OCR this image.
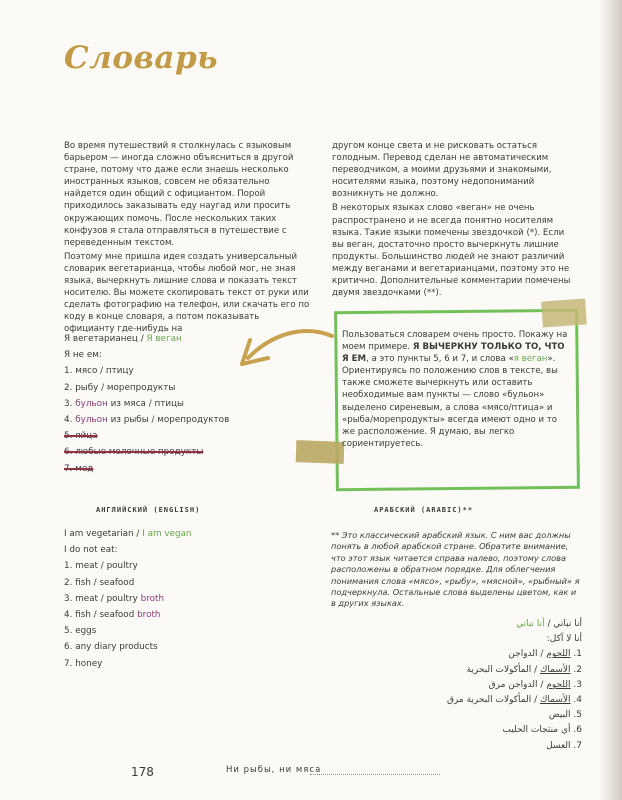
Словарь

Во время путешествий я столкнулась с языковым барьером — иногда сложно объясниться в другой стране, потому что даже если знаешь несколько иностранных языков, совсем не обязательно найдется один общий с официантом. Порой приходилось заказывать еду наугад или просить окружающих помочь. После нескольких таких конфузов я стала отправляться в путешествие с переведенным текстом.

Поэтому мне пришла идея создать универсальный словарик вегетарианца, чтобы любой мог, не зная языка, вычеркнуть лишние слова и показать текст носителю. Вы можете скопировать текст от руки или сделать фотографию на телефон, или скачать его по коду в конце словаря, а потом показывать официанту где-нибудь на

другом конце света и не рисковать остаться голодным. Перевод сделан не автоматическим переводчиком, а моими друзьями и знакомыми, носителями языка, поэтому недопониманий возникнуть не должно.

В некоторых языках слово «веган» не очень распространено и не всегда понятно носителям языка. Такие языки помечены звездочкой (*). Если вы веган, достаточно просто вычеркнуть лишние продукты. Большинство людей не знают различий между веганами и вегетарианцами, поэтому это не критично. Дополнительные комментарии помечены двумя звездочками (**).

Пользоваться словарем очень просто. Покажу на моем примере. Я ВЫЧЕРКНУ ТОЛЬКО ТО, ЧТО Я ЕМ, а это пункты 5, 6 и 7, и слова «я веган». Ориентируясь по положению слов в тексте, вы также сможете вычеркнуть или оставить необходимые вам пункты — слово «бульон» выделено сиреневым, а слова «мясо/птица» и «рыба/морепродукты» всегда имеют одно и то же расположение. Я думаю, вы легко сориентируетесь.
Я вегетарианец / Я веган
Я не ем:
1. мясо / птицу
2. рыбу / морепродукты
3. бульон из мяса / птицы
4. бульон из рыбы / морепродуктов
5. яйца
6. любые молочные продукты
7. мед
АНГЛИЙСКИЙ (ENGLISH)
I am vegetarian / I am vegan
I do not eat:
1. meat / poultry
2. fish / seafood
3. meat / poultry broth
4. fish / seafood broth
5. eggs
6. any diary products
7. honey
АРАБСКИЙ (ARABIC)**
** Это классический арабский язык. С ним вас должны понять в любой арабской стране. Обратите внимание, что этот язык читается справа налево, поэтому слова расположены в обратном порядке. Для облегчения понимания слова «мясо», «рыбу», «мясной», «рыбный» я подчеркнула. Остальные слова выделены цветом, как и в других языках.
أنا نباتي / أنا نباتي
أنا لا آكل:
1. اللحوم / الدواجن
2. الأسماك / المأكولات البحرية
3. اللحوم / الدواجن مرق
4. الأسماك / المأكولات البحرية مرق
5. البيض
6. أي منتجات الحليب
7. العسل
178	Ни рыбы, ни мяса
